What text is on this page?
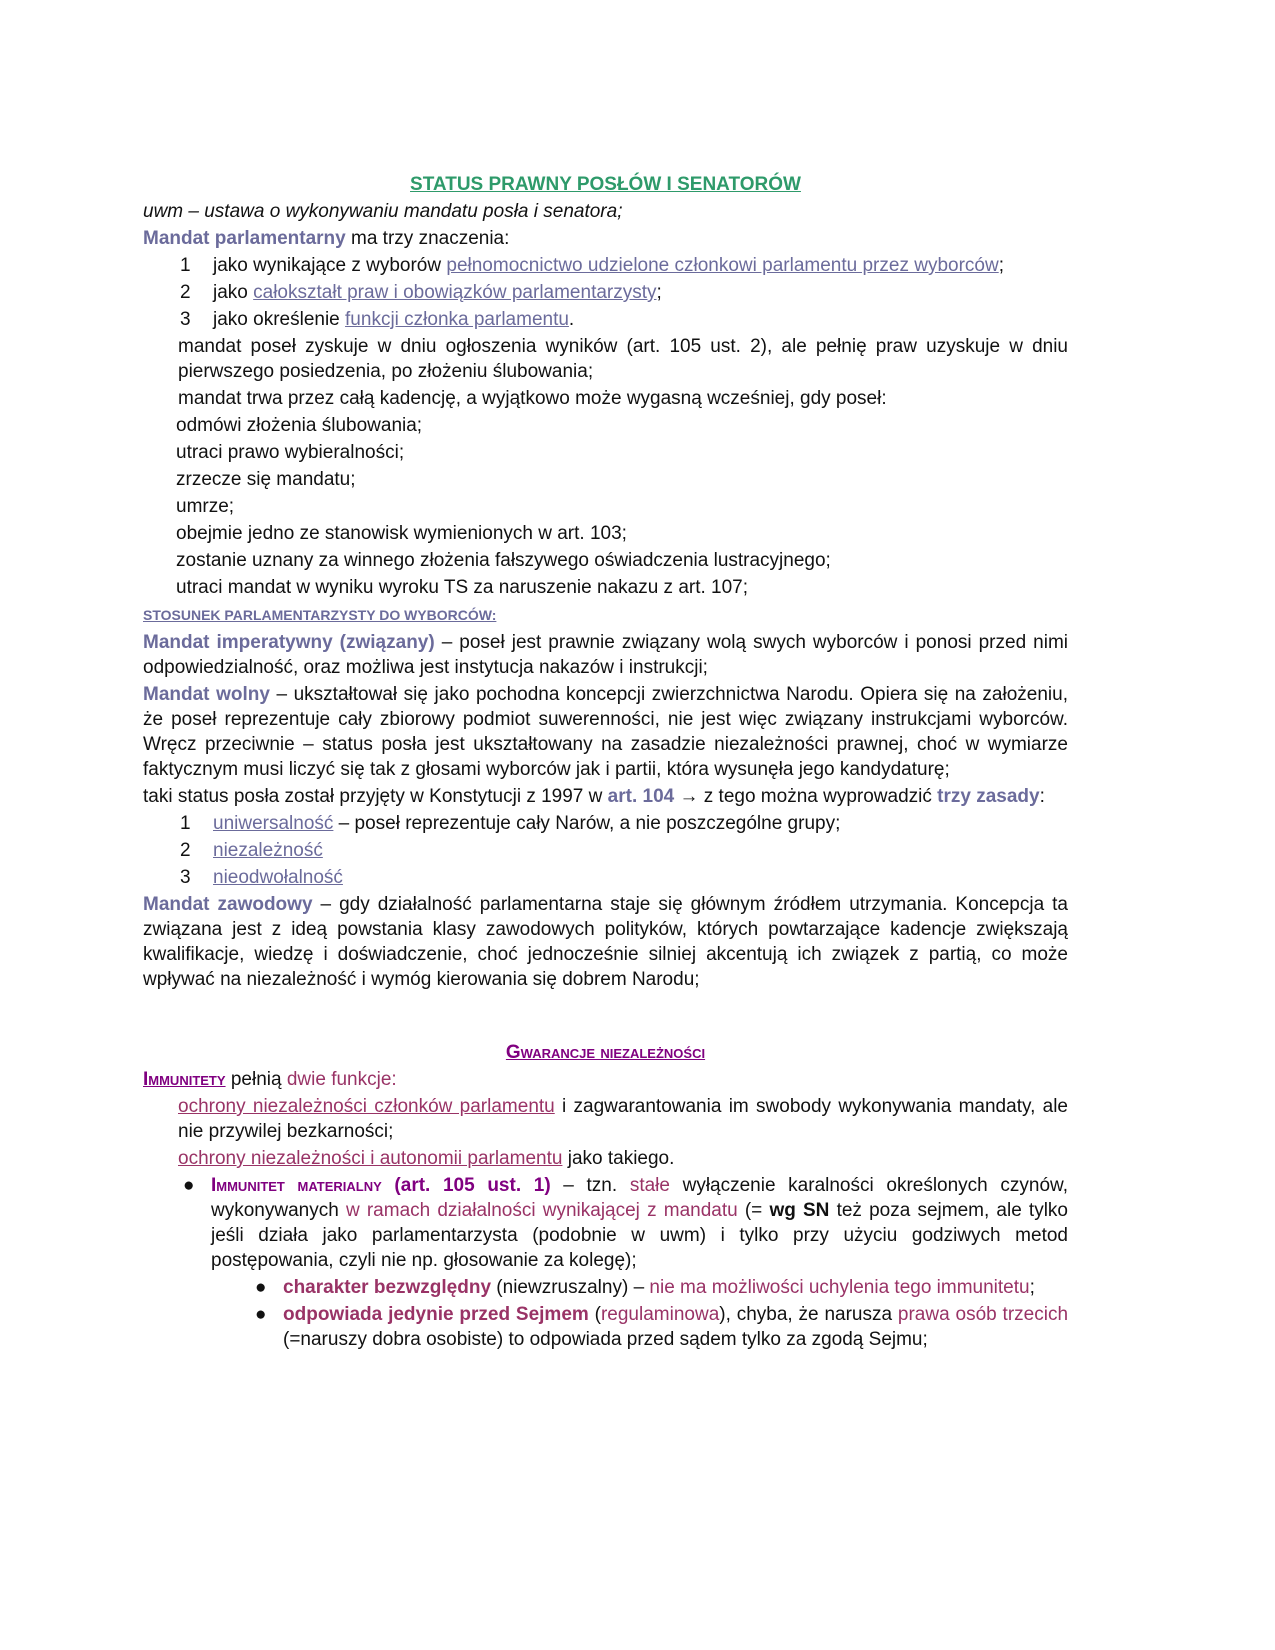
STATUS PRAWNY POSŁÓW I SENATORÓW
uwm – ustawa o wykonywaniu mandatu posła i senatora;
Mandat parlamentarny ma trzy znaczenia:
1	jako wynikające z wyborów pełnomocnictwo udzielone członkowi parlamentu przez wyborców;
2	jako całokształt praw i obowiązków parlamentarzysty;
3	jako określenie funkcji członka parlamentu.
mandat poseł zyskuje w dniu ogłoszenia wyników (art. 105 ust. 2), ale pełnię praw uzyskuje w dniu pierwszego posiedzenia, po złożeniu ślubowania;
mandat trwa przez całą kadencję, a wyjątkowo może wygasną wcześniej, gdy poseł:
odmówi złożenia ślubowania;
utraci prawo wybieralności;
zrzecze się mandatu;
umrze;
obejmie jedno ze stanowisk wymienionych w art. 103;
zostanie uznany za winnego złożenia fałszywego oświadczenia lustracyjnego;
utraci mandat w wyniku wyroku TS za naruszenie nakazu z art. 107;
STOSUNEK PARLAMENTARZYSTY DO WYBORCÓW:
Mandat imperatywny (związany) – poseł jest prawnie związany wolą swych wyborców i ponosi przed nimi odpowiedzialność, oraz możliwa jest instytucja nakazów i instrukcji;
Mandat wolny – ukształtował się jako pochodna koncepcji zwierzchnictwa Narodu. Opiera się na założeniu, że poseł reprezentuje cały zbiorowy podmiot suwerenności, nie jest więc związany instrukcjami wyborców. Wręcz przeciwnie – status posła jest ukształtowany na zasadzie niezależności prawnej, choć w wymiarze faktycznym musi liczyć się tak z głosami wyborców jak i partii, która wysunęła jego kandydaturę;
taki status posła został przyjęty w Konstytucji z 1997 w art. 104 → z tego można wyprowadzić trzy zasady:
1	uniwersalność – poseł reprezentuje cały Narów, a nie poszczególne grupy;
2	niezależność
3	nieodwołalność
Mandat zawodowy – gdy działalność parlamentarna staje się głównym źródłem utrzymania. Koncepcja ta związana jest z ideą powstania klasy zawodowych polityków, których powtarzające kadencje zwiększają kwalifikacje, wiedzę i doświadczenie, choć jednocześnie silniej akcentują ich związek z partią, co może wpływać na niezależność i wymóg kierowania się dobrem Narodu;
Gwarancje niezależności
Immunitety pełnią dwie funkcje:
ochrony niezależności członków parlamentu i zagwarantowania im swobody wykonywania mandaty, ale nie przywilej bezkarności;
ochrony niezależności i autonomii parlamentu jako takiego.
● Immunitet materialny (art. 105 ust. 1) – tzn. stałe wyłączenie karalności określonych czynów, wykonywanych w ramach działalności wynikającej z mandatu (= wg SN też poza sejmem, ale tylko jeśli działa jako parlamentarzysta (podobnie w uwm) i tylko przy użyciu godziwych metod postępowania, czyli nie np. głosowanie za kolegę);
● charakter bezwzględny (niewzruszalny) – nie ma możliwości uchylenia tego immunitetu;
● odpowiada jedynie przed Sejmem (regulaminowa), chyba, że narusza prawa osób trzecich (=naruszy dobra osobiste) to odpowiada przed sądem tylko za zgodą Sejmu;
